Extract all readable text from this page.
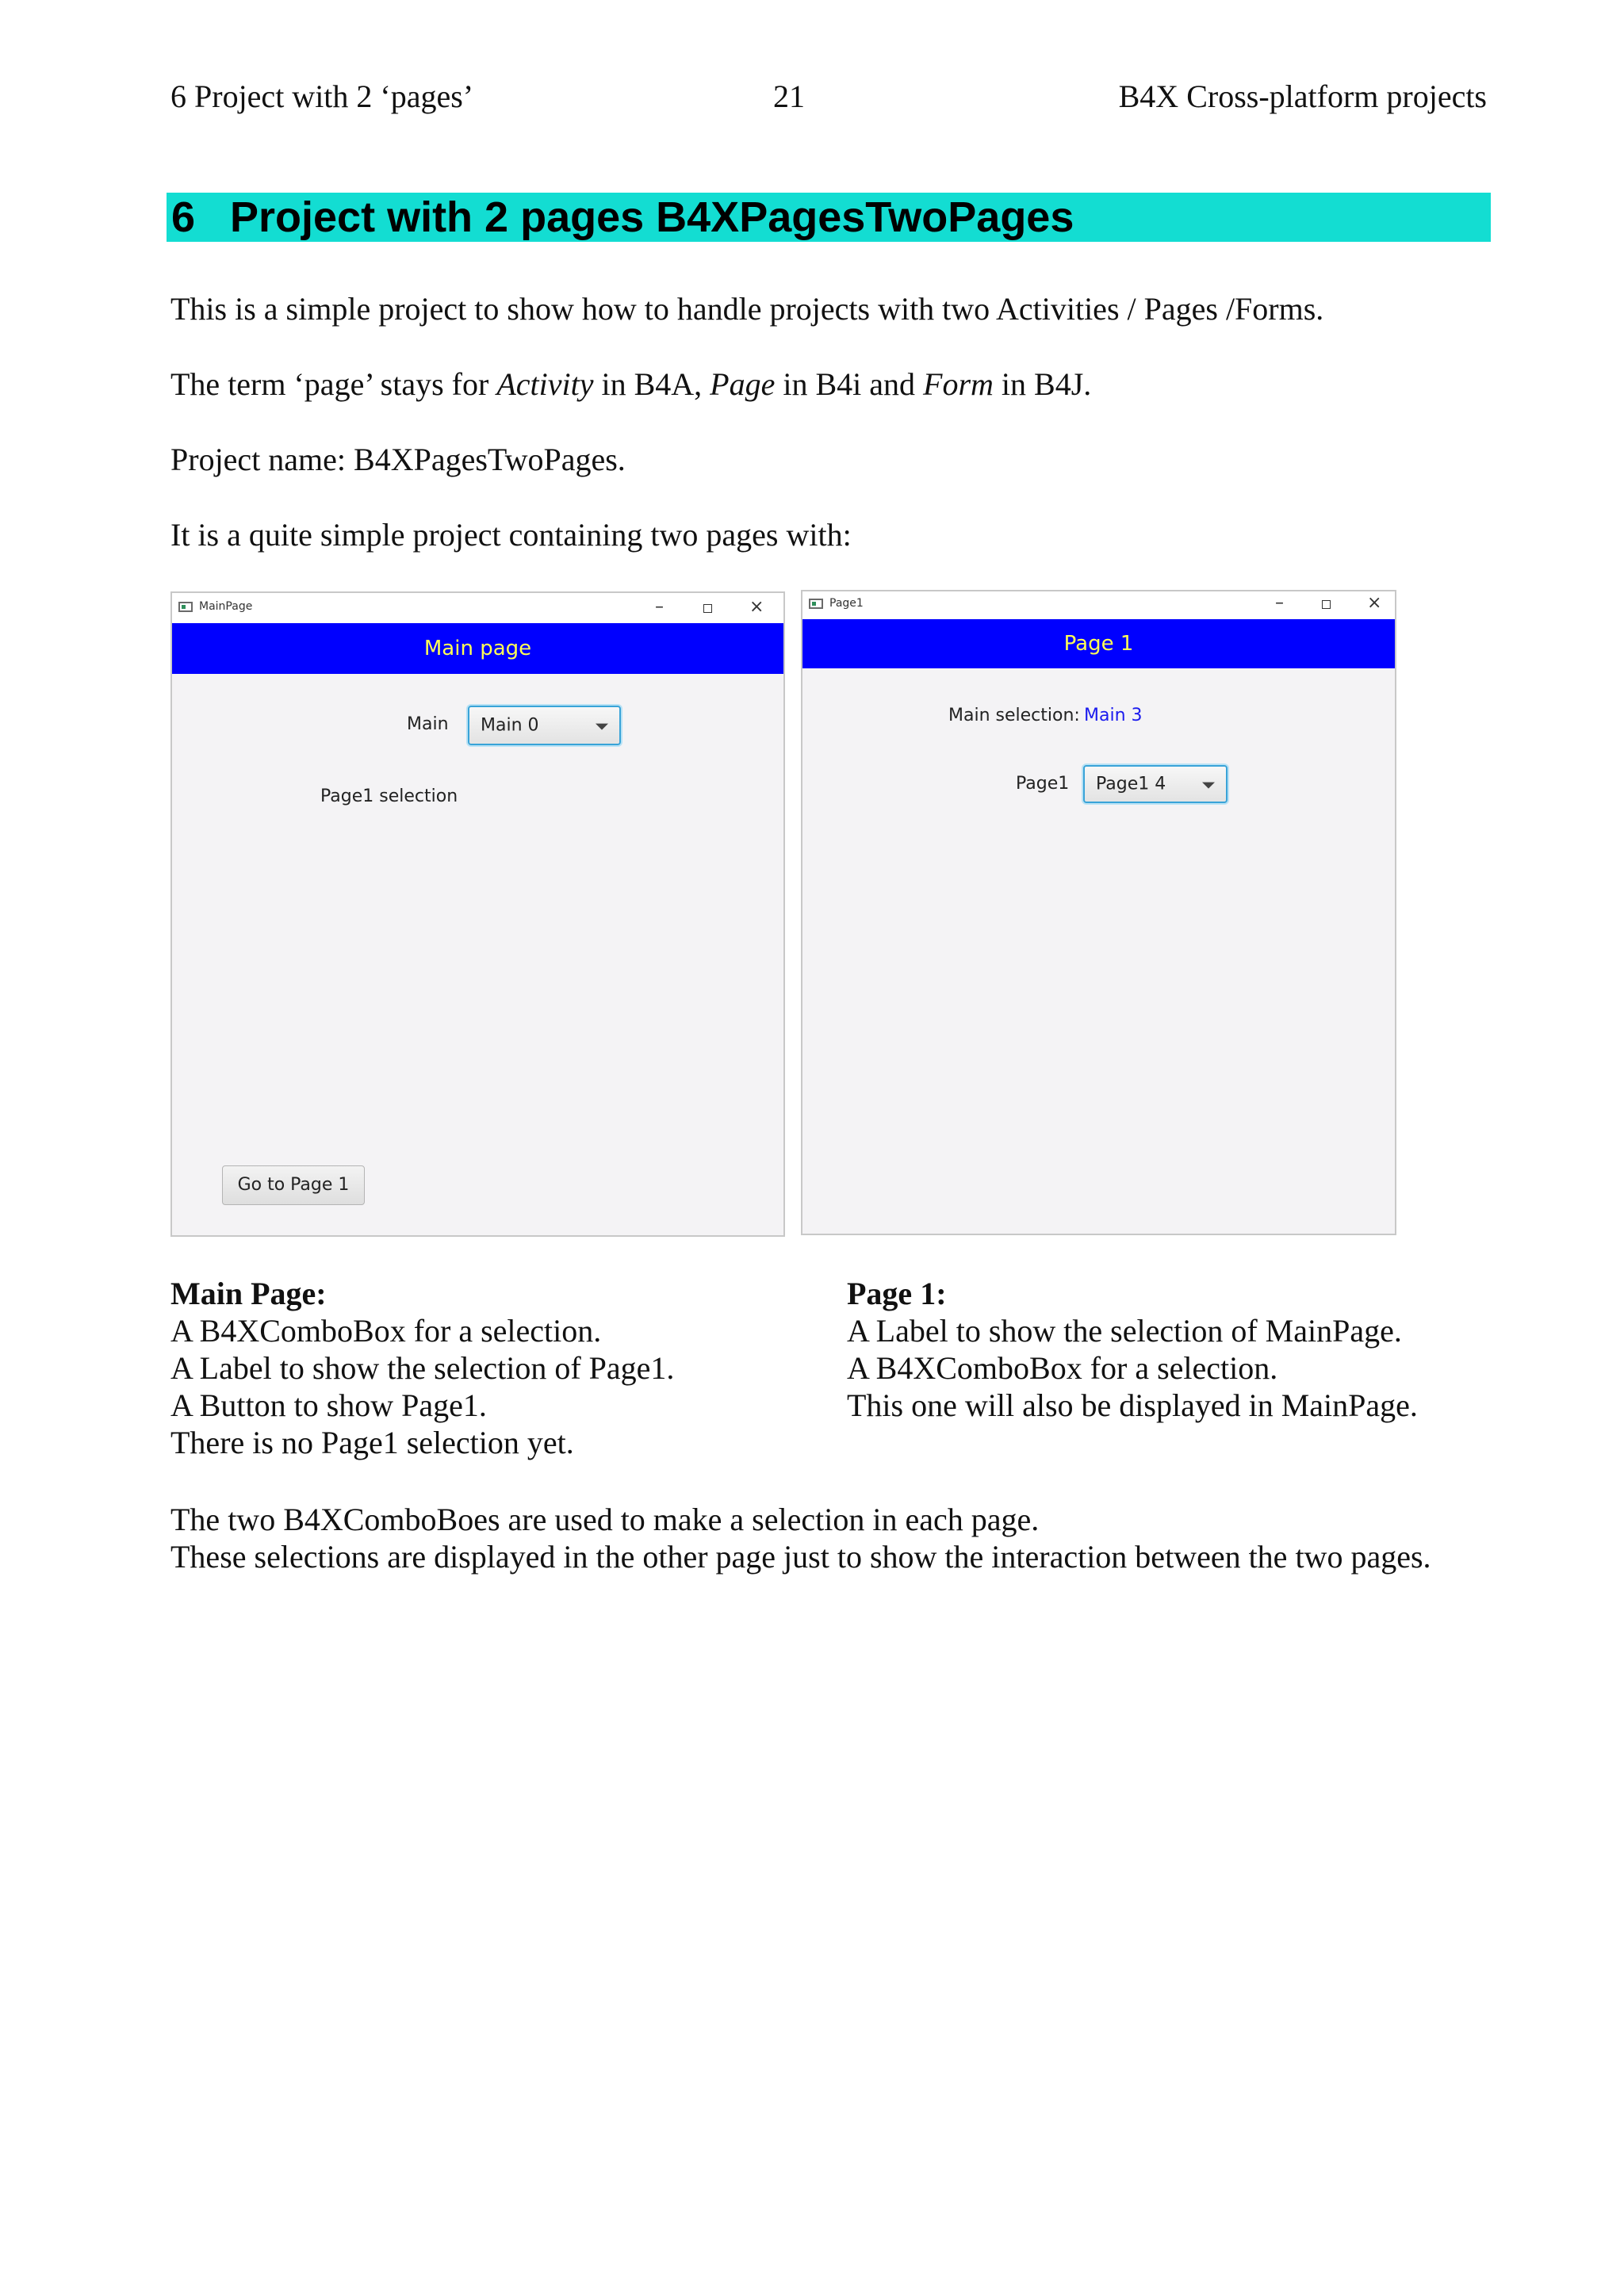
6 Project with 2 ‘pages’	21	B4X Cross-platform projects
6 Project with 2 pages B4XPagesTwoPages
This is a simple project to show how to handle projects with two Activities / Pages /Forms.
The term ‘page’ stays for Activity in B4A, Page in B4i and Form in B4J.
Project name: B4XPagesTwoPages.
It is a quite simple project containing two pages with:
MainPage	–	×
Main page
Main Main 0
Page1 selection
Go to Page 1
Page1	–	×
Page 1
Main selection: Main 3
Page1 Page1 4
Main Page:
A B4XComboBox for a selection.
A Label to show the selection of Page1.
A Button to show Page1.
There is no Page1 selection yet.
Page 1:
A Label to show the selection of MainPage.
A B4XComboBox for a selection.
This one will also be displayed in MainPage.
The two B4XComboBoes are used to make a selection in each page.
These selections are displayed in the other page just to show the interaction between the two pages.
